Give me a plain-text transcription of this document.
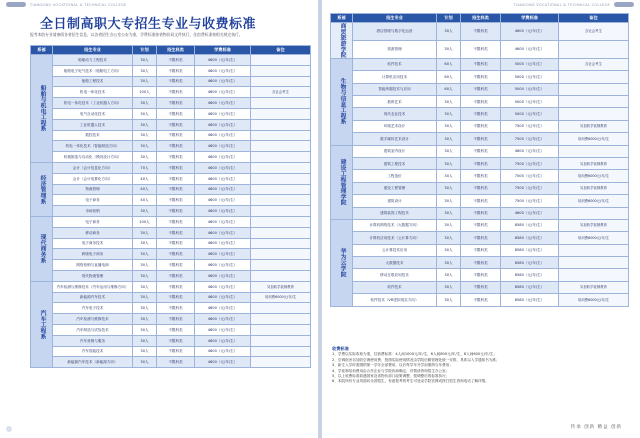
TIANGONG VOCATIONAL & TECHNICAL COLLEGE
全日制高职大专招生专业与收费标准
报考本院专业请参阅各省招生信息，以各省招生办公室公布为准，学费标准按省物价局文件执行，住宿费标准按相关规定执行。
系部	招生专业	计划	招生科类	学费标准	备注
船舶与机电工程系	船舶动力工程技术	30人	不限科类	4600（元/年/生）	
	船舶电子电气技术（船舶电工方向）	30人	不限科类	4600（元/年/生）	
	船舶工程技术	30人	不限科类	4600（元/年/生）	
	机电一体化技术	100人	不限科类	4600（元/年/生）	含社会考生
	机电一体化技术（工业机器人方向）	30人	不限科类	4600（元/年/生）	
	电气自动化技术	30人	不限科类	4600（元/年/生）	
	工业机器人技术	30人	不限科类	4600（元/年/生）	
	数控技术	30人	不限科类	4600（元/年/生）	
	机电一体化技术（智能制造方向）	30人	不限科类	4600（元/年/生）	
	机械制造与自动化（模具设计方向）	30人	不限科类	4600（元/年/生）	
经济管理系	会计（会计信息化方向）	70人	不限科类	4600（元/年/生）	
	会计（会计电算化方向）	40人	不限科类	4600（元/年/生）	
	物流管理	40人	不限科类	4600（元/年/生）	
	电子商务	40人	不限科类	4600（元/年/生）	
	市场营销	30人	不限科类	4600（元/年/生）	
现代商务系	电子商务	100人	不限科类	4600（元/年/生）	
	移动商务	30人	不限科类	4600（元/年/生）	
	电子商务技术	30人	不限科类	4600（元/年/生）	
	跨境电子商务	30人	不限科类	4600（元/年/生）	
	网络营销与直播电商	30人	不限科类	4600（元/年/生）	
	现代物流管理	30人	不限科类	4600（元/年/生）	
汽车工程系	汽车检测与维修技术（汽车运用与维修方向）	30人	不限科类	4600（元/年/生）	另加收学徒制教育
	新能源汽车技术	30人	不限科类	4600（元/年/生）	培训费6000元/年/生
	汽车电子技术	30人	不限科类	4600（元/年/生）	
	汽车检测与维修技术	30人	不限科类	4600（元/年/生）	
	汽车制造与试验技术	30人	不限科类	4600（元/年/生）	
	汽车营销与服务	30人	不限科类	4600（元/年/生）	
	汽车智能技术	30人	不限科类	4600（元/年/生）	
	新能源汽车技术（新能源方向）	30人	不限科类	4600（元/年/生）	
TIANGONG VOCATIONAL & TECHNICAL COLLEGE
系部	招生专业	计划	招生科类	学费标准	备注
商贸旅游学院	酒店管理与数字化运营	30人	不限科类	4600（元/年/生）	含社会考生
	旅游管理	30人	不限科类	4600（元/年/生）	
生物与信息工程系	软件技术	60人	不限科类	5000（元/年/生）	含社会考生
	计算机应用技术	60人	不限科类	5000（元/年/生）	
	智能终端技术与应用	60人	不限科类	5000（元/年/生）	
	数码艺术	30人	不限科类	5000（元/年/生）	
	现代农业技术	30人	不限科类	5000（元/年/生）	
	环境艺术设计	30人	不限科类	7500（元/年/生）	另加收学徒制教育
	数字媒体艺术设计	30人	不限科类	7500（元/年/生）	培训费6000元/年/生
建设工程管理学院	建筑室内设计	30人	不限科类	4600（元/年/生）	
	建筑工程技术	30人	不限科类	7500（元/年/生）	另加收学徒制教育
	工程造价	30人	不限科类	7500（元/年/生）	培训费6000元/年/生
	建设工程管理	30人	不限科类	7500（元/年/生）	另加收学徒制教育
	建筑设计	30人	不限科类	7500（元/年/生）	培训费6000元/年/生
	建筑装饰工程技术	30人	不限科类	4600（元/年/生）	
华为云学院	计算机网络技术（大数据方向）	30人	不限科类	8580（元/年/生）	另加收学徒制教育
	计算机应用技术（云计算方向）	30人	不限科类	8580（元/年/生）	培训费6000元/年/生
	云计算技术应用	30人	不限科类	8580（元/年/生）	
	大数据技术	30人	不限科类	8580（元/年/生）	
	移动互联应用技术	30人	不限科类	8580（元/年/生）	
	软件技术	30人	不限科类	8580（元/年/生）	另加收学徒制教育
	软件技术（VR虚拟现实方向）	30人	不限科类	8580（元/年/生）	培训费6000元/年/生
收费标准
1、学费以实际收取为准，住宿费标准：4人间1000元/年/生，6人间800元/年/生，8人间600元/年/生；
2、空调宿舍另加收空调使用费，按照实际使用情况由学院后勤管理处统一安排，具体以入学通知书为准；
3、新生入学时需缴纳第一学年全部费用，以后每学年开学前缴纳当年费用；
4、学徒制培训费用由合作企业与学院协商确定，详情请咨询招生办公室；
5、以上收费标准如遇国家及省物价部门政策调整，按调整后的标准执行；
6、本院所有专业均面向全国招生，有意报考的考生可登录学院官网或拨打招生咨询电话了解详情。
传承 创新 精益 创新
